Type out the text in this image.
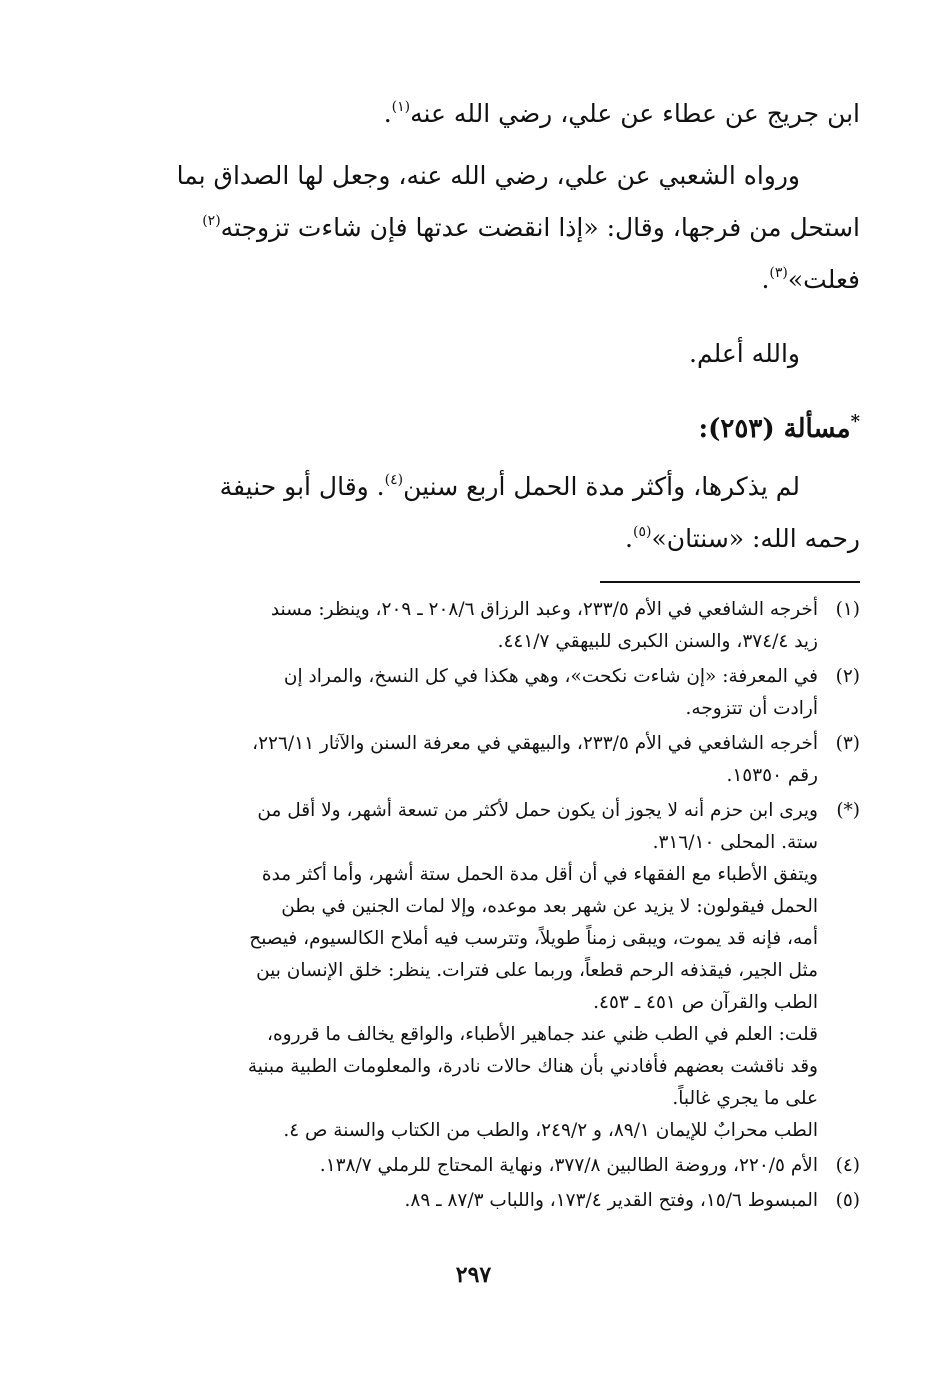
ابن جريج عن عطاء عن علي، رضي الله عنه$^{(١)}$.

ورواه الشعبي عن علي، رضي الله عنه، وجعل لها الصداق بما
استحل من فرجها، وقال: «إذا انقضت عدتها فإن شاءت تزوجته$^{(٢)}$
فعلت»$^{(٣)}$.

والله أعلم.

*مسألة (٢٥٣):

لم يذكرها، وأكثر مدة الحمل أربع سنين$^{(٤)}$. وقال أبو حنيفة
رحمه الله: «سنتان»$^{(٥)}$.

(١)
أخرجه الشافعي في الأم ٢٣٣/٥، وعبد الرزاق ٢٠٨/٦ ـ ٢٠٩، وينظر: مسند
زيد ٣٧٤/٤، والسنن الكبرى للبيهقي ٤٤١/٧.
(٢)
في المعرفة: «إن شاءت نكحت»، وهي هكذا في كل النسخ، والمراد إن
أرادت أن تتزوجه.
(٣)
أخرجه الشافعي في الأم ٢٣٣/٥، والبيهقي في معرفة السنن والآثار ٢٢٦/١١،
رقم ١٥٣٥٠.
(*)
ويرى ابن حزم أنه لا يجوز أن يكون حمل لأكثر من تسعة أشهر، ولا أقل من
ستة. المحلى ٣١٦/١٠.
ويتفق الأطباء مع الفقهاء في أن أقل مدة الحمل ستة أشهر، وأما أكثر مدة
الحمل فيقولون: لا يزيد عن شهر بعد موعده، وإلا لمات الجنين في بطن
أمه، فإنه قد يموت، ويبقى زمناً طويلاً، وتترسب فيه أملاح الكالسيوم، فيصبح
مثل الجير، فيقذفه الرحم قطعاً، وربما على فترات. ينظر: خلق الإنسان بين
الطب والقرآن ص ٤٥١ ـ ٤٥٣.
قلت: العلم في الطب ظني عند جماهير الأطباء، والواقع يخالف ما قرروه،
وقد ناقشت بعضهم فأفادني بأن هناك حالات نادرة، والمعلومات الطبية مبنية
على ما يجري غالباً.
الطب محرابٌ للإيمان ٨٩/١، و ٢٤٩/٢، والطب من الكتاب والسنة ص ٤.
(٤)
الأم ٢٢٠/٥، وروضة الطالبين ٣٧٧/٨، ونهاية المحتاج للرملي ١٣٨/٧.
(٥)
المبسوط ١٥/٦، وفتح القدير ١٧٣/٤، واللباب ٨٧/٣ ـ ٨٩.
٢٩٧
